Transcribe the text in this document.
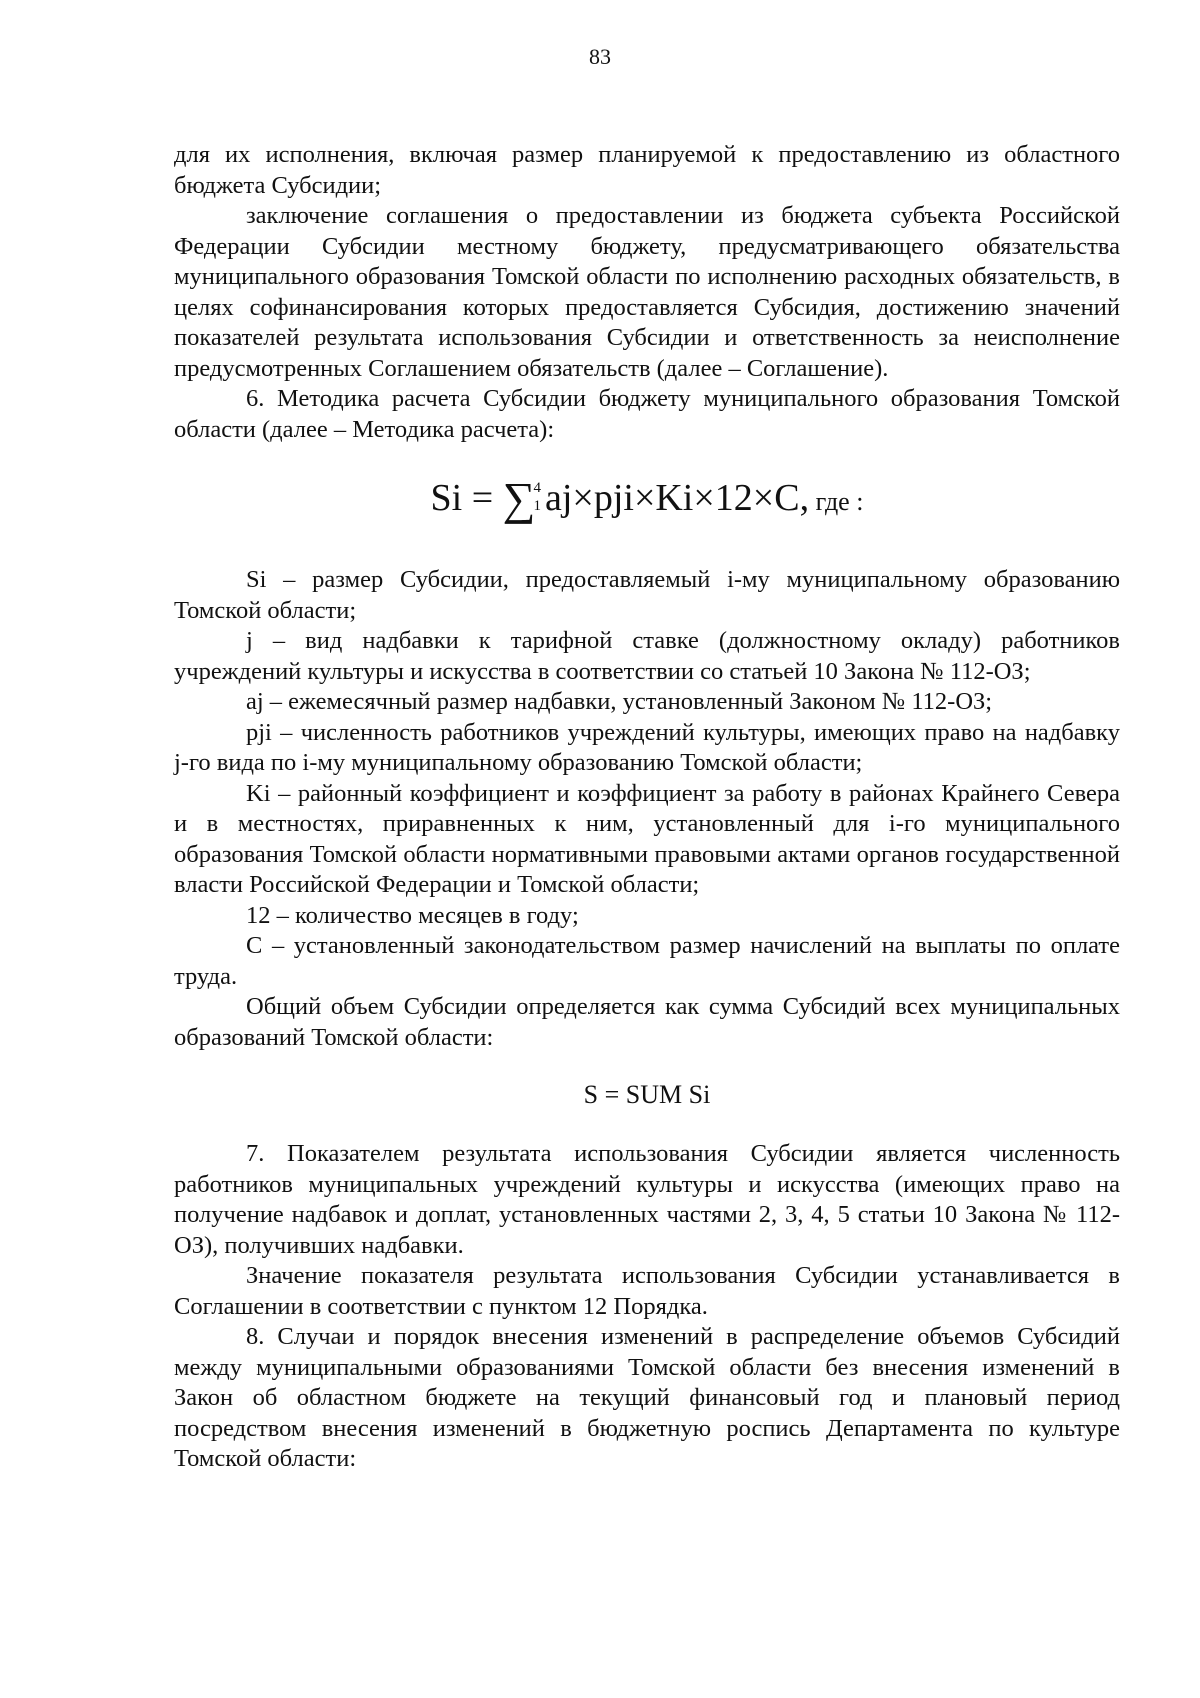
83

для их исполнения, включая размер планируемой к предоставлению из областного бюджета Субсидии;

заключение соглашения о предоставлении из бюджета субъекта Российской Федерации Субсидии местному бюджету, предусматривающего обязательства муниципального образования Томской области по исполнению расходных обязательств, в целях софинансирования которых предоставляется Субсидия, достижению значений показателей результата использования Субсидии и ответственность за неисполнение предусмотренных Соглашением обязательств (далее – Соглашение).

6. Методика расчета Субсидии бюджету муниципального образования Томской области (далее – Методика расчета):

Si = ∑
4
1 aj×pji×Ki×12×C, где :

Si – размер Субсидии, предоставляемый i-му муниципальному образованию Томской области;

j – вид надбавки к тарифной ставке (должностному окладу) работников учреждений культуры и искусства в соответствии со статьей 10 Закона № 112-ОЗ;

aj – ежемесячный размер надбавки, установленный Законом № 112-ОЗ;

pji – численность работников учреждений культуры, имеющих право на надбавку j-го вида по i-му муниципальному образованию Томской области;

Ki – районный коэффициент и коэффициент за работу в районах Крайнего Севера и в местностях, приравненных к ним, установленный для i-го муниципального образования Томской области нормативными правовыми актами органов государственной власти Российской Федерации и Томской области;

12 – количество месяцев в году;

C – установленный законодательством размер начислений на выплаты по оплате труда.

Общий объем Субсидии определяется как сумма Субсидий всех муниципальных образований Томской области:

S = SUM Si

7. Показателем результата использования Субсидии является численность работников муниципальных учреждений культуры и искусства (имеющих право на получение надбавок и доплат, установленных частями 2, 3, 4, 5 статьи 10 Закона № 112-ОЗ), получивших надбавки.

Значение показателя результата использования Субсидии устанавливается в Соглашении в соответствии с пунктом 12 Порядка.

8. Случаи и порядок внесения изменений в распределение объемов Субсидий между муниципальными образованиями Томской области без внесения изменений в Закон об областном бюджете на текущий финансовый год и плановый период посредством внесения изменений в бюджетную роспись Департамента по культуре Томской области:
